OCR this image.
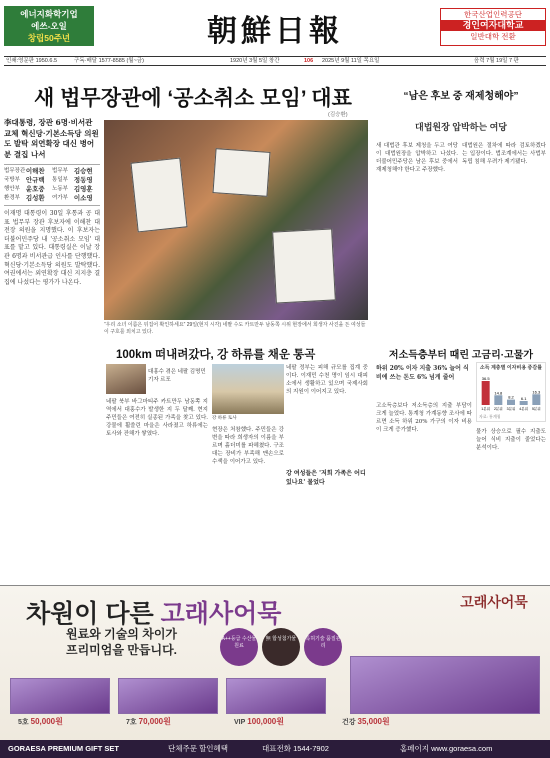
에너지화학기업
에쓰-오일
창립50주년	朝鮮日報	한국산업인력공단
경인여자대학교
일반대학 전환
인쇄:영문판 1950.6.5	구독·배달 1577-8585 (월~금)	1920년 3월 5일 창간	106 2025년 9월 11일 목요일	음력 7월 19일 7 판
새 법무장관에 ‘공소취소 모임’ 대표
(김승환)
李대통령, 장관 6명·비서관 교체 혁신당·기본소득당 의원도 발탁 외연확장 대신 병어분 결집 나서
법무장관 이해찬	법무부 김승현
국방부 안규백	통일부 정동영
행안부 윤호중	노동부 김영훈
환경부 김성환	여가부 이소영
이재명 대통령이 30일 후통과 공 대표 법무부 장관 후보자에 이해찬 대전장 의원을 지명했다. 이 후보자는 더불어민주당 내 '공소취소 모임' 대표를 맡고 있다. 대통령실은 이날 장관 6명과 비서관급 인사를 단행했다. 혁신당·기본소득당 의원도 발탁했다. 여권에서는 외연확장 대신 지지층 결집에 나섰다는 평가가 나온다.
“우리 소녀 이름은 뒤집어 확인하세요” 29일(현지 시각) 네팔 수도 카트만두 남동쪽 시위 현장에서 희생자 사진을 든 여성들이 구호를 외치고 있다.
100km 떠내려갔다, 강 하류를 채운 통곡
대홍수 겪은 네팔 김명민 기자 르포
강 하류 토사
네팔 북부 바그마티주 카트만두 남동쪽 지역에서 대홍수가 발생한 지 두 달째. 현지 주민들은 여전히 실종된 가족을 찾고 있다. 강물에 휩쓸린 마을은 사라졌고 하류에는 토사와 잔해가 쌓였다.
현장은 처참했다. 주민들은 강변을 따라 희생자의 이름을 부르며 흙더미를 파헤쳤다. 구조대는 장비가 부족해 맨손으로 수색을 이어가고 있다.
네팔 정부는 피해 규모를 집계 중이다. 이재민 수천 명이 임시 대피소에서 생활하고 있으며 국제사회의 지원이 이어지고 있다.
강 여성들은 '저희 가족은 어디 있나요' 물었다
“남은 후보 중 재제청해야”
대법원장 압박하는 여당
새 대법관 후보 제청을 두고 여당이 대법원장을 압박하고 나섰다. 더불어민주당은 남은 후보 중에서 재제청해야 한다고 주장했다.
대법원은 절차에 따라 검토하겠다는 입장이다. 법조계에서는 사법부 독립 침해 우려가 제기됐다.
저소득층부터 때린 고금리·고물가
하위 20% 이자 지출 36% 늘어 식비에 쓰는 돈도 6% 넘게 줄어
고소득층보다 저소득층의 지출 부담이 크게 늘었다. 통계청 가계동향 조사에 따르면 소득 하위 20% 가구의 이자 비용이 크게 증가했다.	물가 상승으로 필수 지출도 늘어 식비 지출이 줄었다는 분석이다.
소득 계층별 이자비용 증감률
36.5
1분위
14.8
2분위
8.2
3분위
6.1
4분위
16.3
5분위
자료: 통계청
차원이 다른 고래사어묵
원료와 기술의 차이가
프리미엄을 만듭니다.
A++등급 수산물 원료
無 합성첨가물	특허기술 품질관리
고래사어묵
5호 50,000원	7호 70,000원	VIP 100,000원	건강 35,000원
GORAESA PREMIUM GIFT SET	단체주문 할인혜택	대표전화 1544-7902	홈페이지 www.goraesa.com
